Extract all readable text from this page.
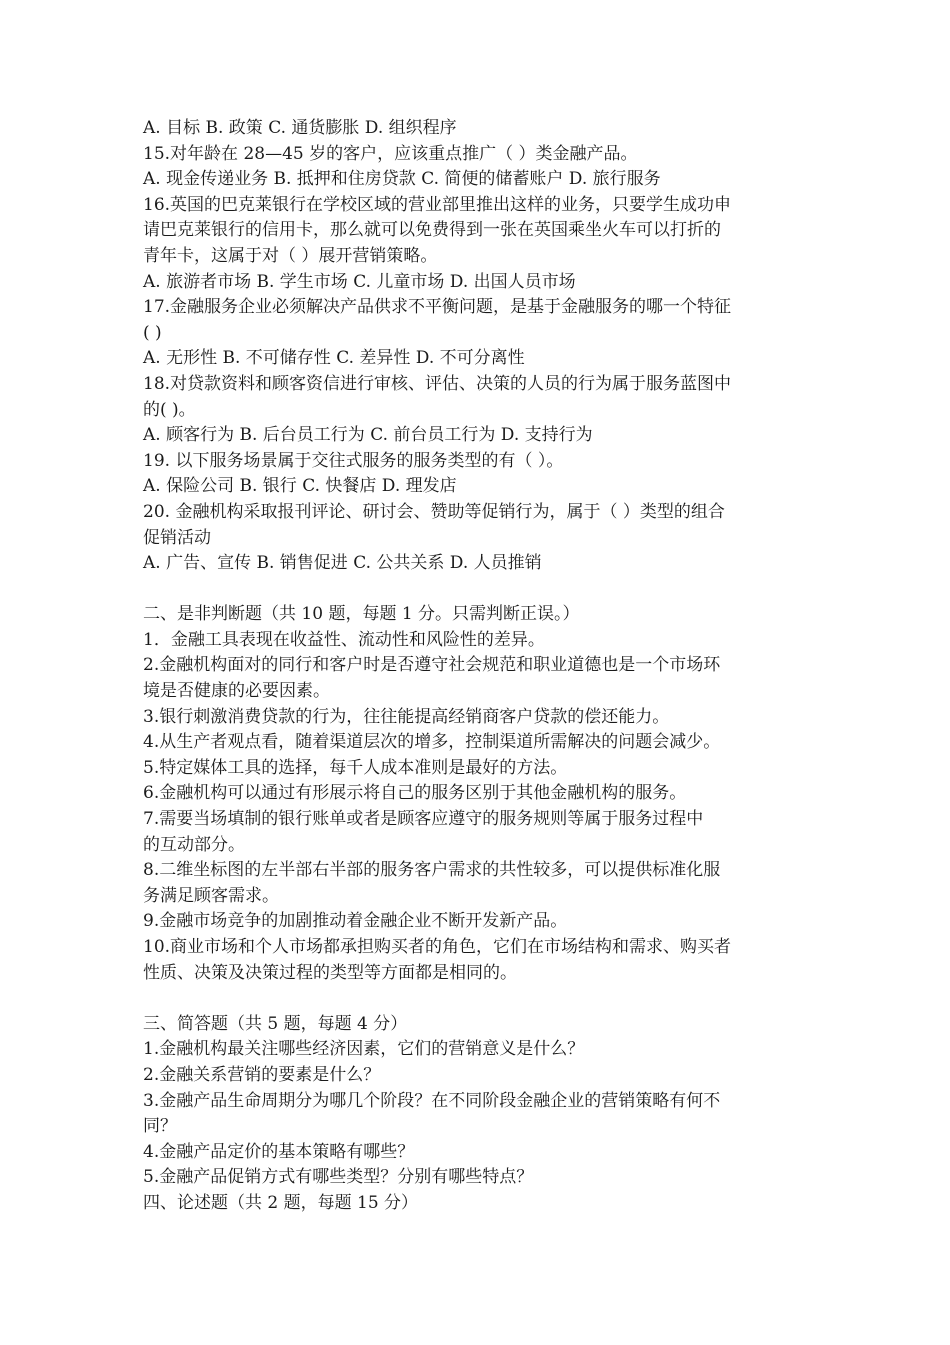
A. 目标 B. 政策 C. 通货膨胀 D. 组织程序
15.对年龄在 28—45 岁的客户，应该重点推广（ ）类金融产品。
A. 现金传递业务 B. 抵押和住房贷款 C. 简便的储蓄账户 D. 旅行服务
16.英国的巴克莱银行在学校区域的营业部里推出这样的业务，只要学生成功申
请巴克莱银行的信用卡，那么就可以免费得到一张在英国乘坐火车可以打折的
青年卡，这属于对（ ）展开营销策略。
A. 旅游者市场 B. 学生市场 C. 儿童市场 D. 出国人员市场
17.金融服务企业必须解决产品供求不平衡问题，是基于金融服务的哪一个特征
( )
A. 无形性 B. 不可储存性 C. 差异性 D. 不可分离性
18.对贷款资料和顾客资信进行审核、评估、决策的人员的行为属于服务蓝图中
的( )。
A. 顾客行为 B. 后台员工行为 C. 前台员工行为 D. 支持行为
19. 以下服务场景属于交往式服务的服务类型的有（ ）。
A. 保险公司 B. 银行 C. 快餐店 D. 理发店
20. 金融机构采取报刊评论、研讨会、赞助等促销行为，属于（ ）类型的组合
促销活动
A. 广告、宣传 B. 销售促进 C. 公共关系 D. 人员推销
二、是非判断题（共 10 题，每题 1 分。只需判断正误。）
1．金融工具表现在收益性、流动性和风险性的差异。
2.金融机构面对的同行和客户时是否遵守社会规范和职业道德也是一个市场环
境是否健康的必要因素。
3.银行刺激消费贷款的行为，往往能提高经销商客户贷款的偿还能力。
4.从生产者观点看，随着渠道层次的增多，控制渠道所需解决的问题会减少。
5.特定媒体工具的选择，每千人成本准则是最好的方法。
6.金融机构可以通过有形展示将自己的服务区别于其他金融机构的服务。
7.需要当场填制的银行账单或者是顾客应遵守的服务规则等属于服务过程中
的互动部分。
8.二维坐标图的左半部右半部的服务客户需求的共性较多，可以提供标准化服
务满足顾客需求。
9.金融市场竞争的加剧推动着金融企业不断开发新产品。
10.商业市场和个人市场都承担购买者的角色，它们在市场结构和需求、购买者
性质、决策及决策过程的类型等方面都是相同的。
三、简答题（共 5 题，每题 4 分）
1.金融机构最关注哪些经济因素，它们的营销意义是什么？
2.金融关系营销的要素是什么？
3.金融产品生命周期分为哪几个阶段？在不同阶段金融企业的营销策略有何不
同？
4.金融产品定价的基本策略有哪些？
5.金融产品促销方式有哪些类型？分别有哪些特点？
四、论述题（共 2 题，每题 15 分）
